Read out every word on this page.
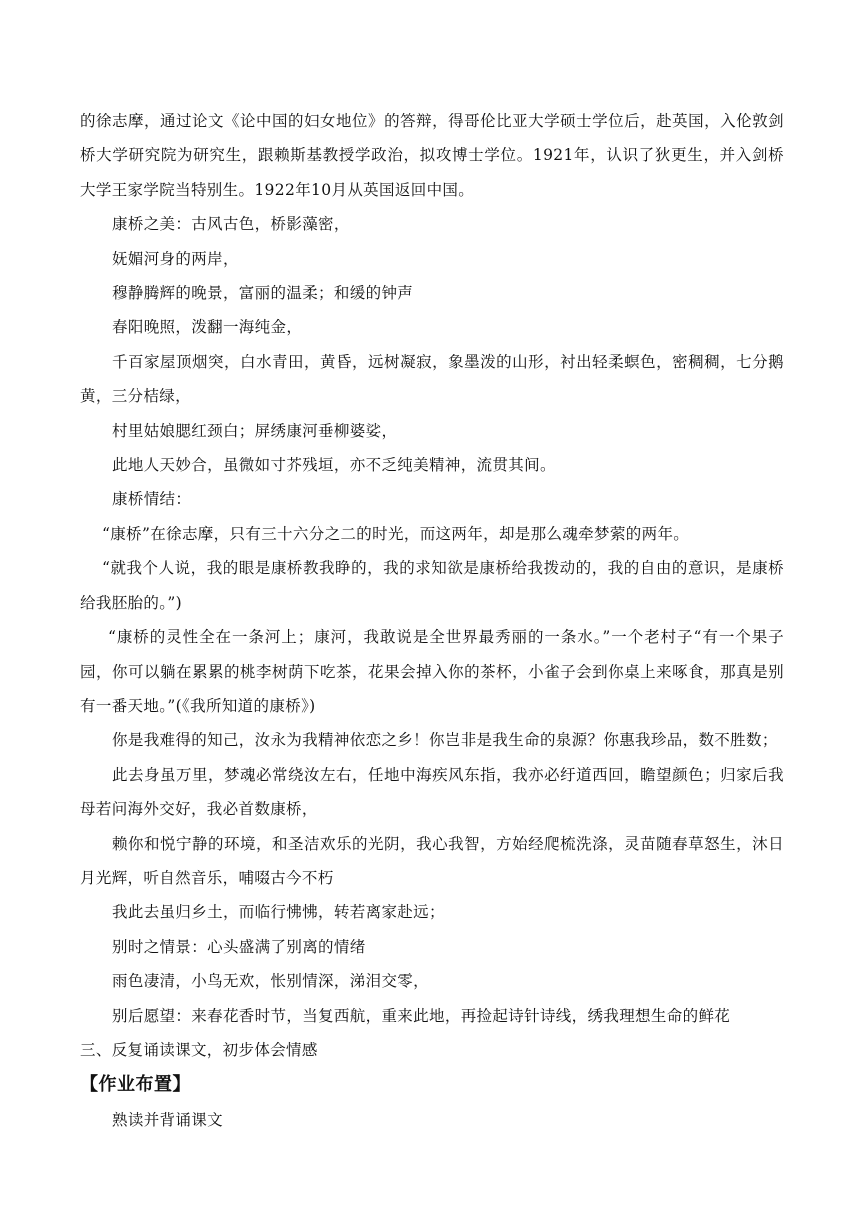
的徐志摩，通过论文《论中国的妇女地位》的答辩，得哥伦比亚大学硕士学位后，赴英国，入伦敦剑桥大学研究院为研究生，跟赖斯基教授学政治，拟攻博士学位。1921年，认识了狄更生，并入剑桥大学王家学院当特别生。1922年10月从英国返回中国。

康桥之美：古风古色，桥影藻密，

妩媚河身的两岸，

穆静腾辉的晚景，富丽的温柔；和缓的钟声

春阳晚照，泼翻一海纯金，

千百家屋顶烟突，白水青田，黄昏，远树凝寂，象墨泼的山形，衬出轻柔螟色，密稠稠，七分鹅黄，三分桔绿，

村里姑娘腮红颈白；屏绣康河垂柳婆娑，

此地人天妙合，虽微如寸芥残垣，亦不乏纯美精神，流贯其间。

康桥情结：

“康桥”在徐志摩，只有三十六分之二的时光，而这两年，却是那么魂牵梦萦的两年。

“就我个人说，我的眼是康桥教我睁的，我的求知欲是康桥给我拨动的，我的自由的意识，是康桥给我胚胎的。”)

“康桥的灵性全在一条河上；康河，我敢说是全世界最秀丽的一条水。”一个老村子“有一个果子园，你可以躺在累累的桃李树荫下吃茶，花果会掉入你的茶杯，小雀子会到你桌上来啄食，那真是别有一番天地。”(《我所知道的康桥》)

你是我难得的知己，汝永为我精神依恋之乡！你岂非是我生命的泉源？你惠我珍品，数不胜数；

此去身虽万里，梦魂必常绕汝左右，任地中海疾风东指，我亦必纡道西回，瞻望颜色；归家后我母若问海外交好，我必首数康桥，

赖你和悦宁静的环境，和圣洁欢乐的光阴，我心我智，方始经爬梳洗涤，灵苗随春草怒生，沐日月光辉，听自然音乐，哺啜古今不朽

我此去虽归乡土，而临行怫怫，转若离家赴远；

别时之情景：心头盛满了别离的情绪

雨色凄清，小鸟无欢，怅别情深，涕泪交零，

别后愿望：来春花香时节，当复西航，重来此地，再捡起诗针诗线，绣我理想生命的鲜花

三、反复诵读课文，初步体会情感

【作业布置】

熟读并背诵课文
